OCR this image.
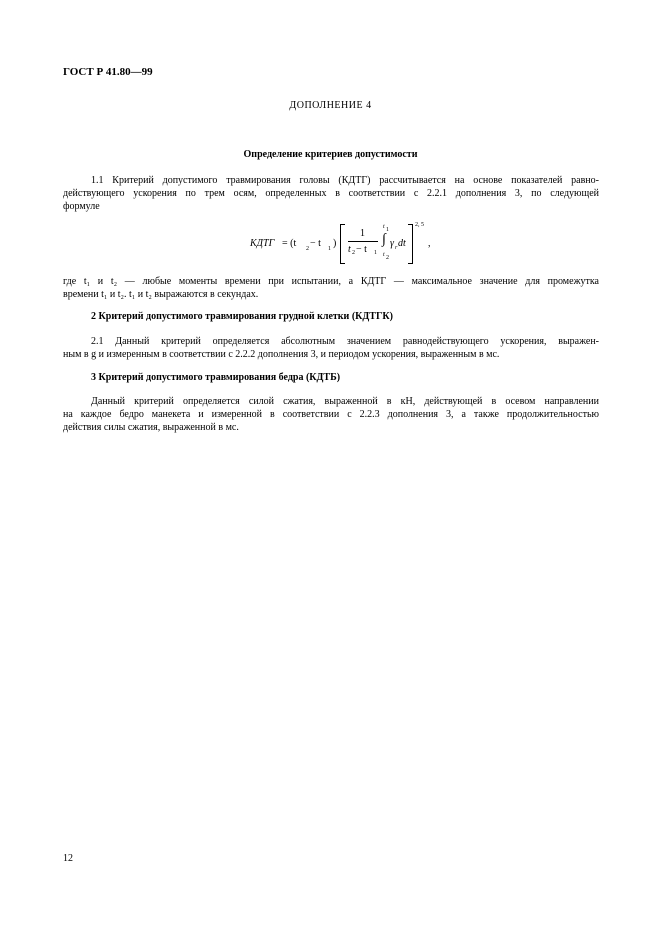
ГОСТ Р 41.80—99
ДОПОЛНЕНИЕ 4
Определение критериев допустимости
1.1 Критерий допустимого травмирования головы (КДТГ) рассчитывается на основе показателей равно-
действующего ускорения по трем осям, определенных в соответствии с 2.2.1 дополнения 3, по следующей
формуле
КДТГ = (t 2 − t 1 )
1
t 2 − t 1
t 1
∫
t 2
γ r dt
2, 5
,
где t₁ и t₂ — любые моменты времени при испытании, а КДТГ — максимальное значение для промежутка
времени t₁ и t₂. t₁ и t₂ выражаются в секундах.
2 Критерий допустимого травмирования грудной клетки (КДТГК)
2.1 Данный критерий определяется абсолютным значением равнодействующего ускорения, выражен-
ным в g и измеренным в соответствии с 2.2.2 дополнения 3, и периодом ускорения, выраженным в мс.
3 Критерий допустимого травмирования бедра (КДТБ)
Данный критерий определяется силой сжатия, выраженной в кН, действующей в осевом направлении
на каждое бедро манекета и измеренной в соответствии с 2.2.3 дополнения 3, а также продолжительностью
действия силы сжатия, выраженной в мс.
12
